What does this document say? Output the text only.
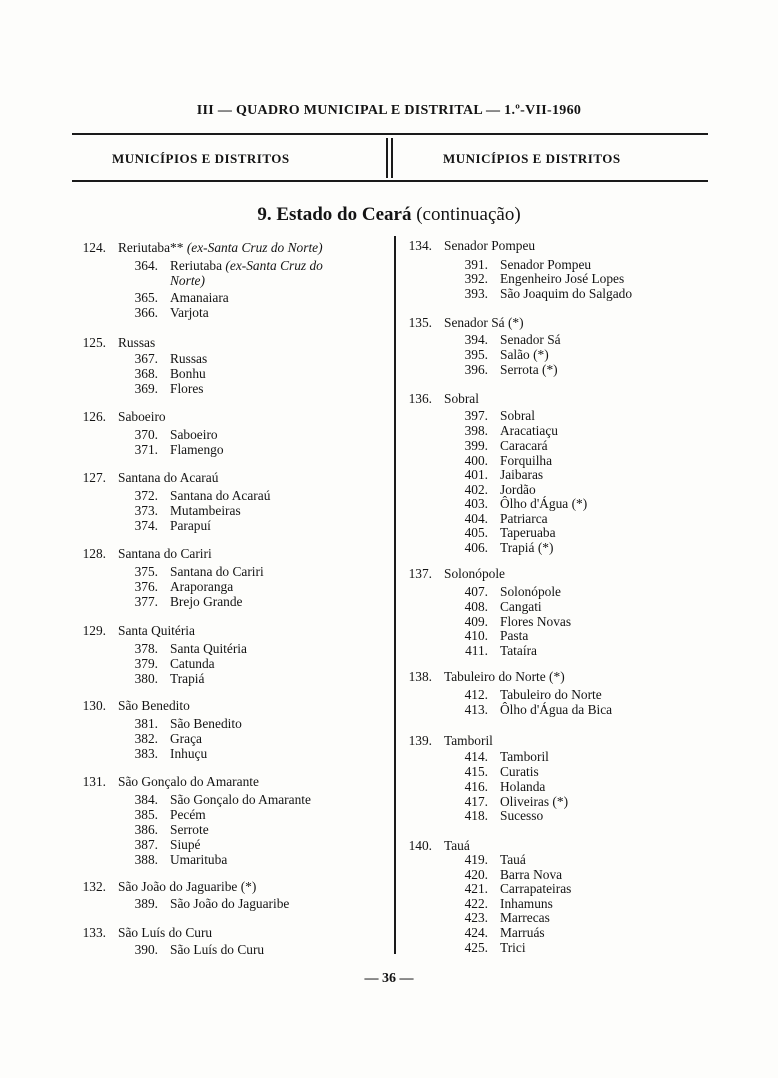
III — QUADRO MUNICIPAL E DISTRITAL — 1.º-VII-1960
MUNICÍPIOS E DISTRITOS	MUNICÍPIOS E DISTRITOS
9. Estado do Ceará (continuação)
124. Reriutaba** (ex-Santa Cruz do Norte)
364. Reriutaba (ex-Santa Cruz do
Norte)
365. Amanaiara
366. Varjota
125. Russas
367. Russas
368. Bonhu
369. Flores
126. Saboeiro
370. Saboeiro
371. Flamengo
127. Santana do Acaraú
372. Santana do Acaraú
373. Mutambeiras
374. Parapuí
128. Santana do Cariri
375. Santana do Cariri
376. Araporanga
377. Brejo Grande
129. Santa Quitéria
378. Santa Quitéria
379. Catunda
380. Trapiá
130. São Benedito
381. São Benedito
382. Graça
383. Inhuçu
131. São Gonçalo do Amarante
384. São Gonçalo do Amarante
385. Pecém
386. Serrote
387. Siupé
388. Umarituba
132. São João do Jaguaribe (*)
389. São João do Jaguaribe
133. São Luís do Curu
390. São Luís do Curu
134. Senador Pompeu
391. Senador Pompeu
392. Engenheiro José Lopes
393. São Joaquim do Salgado
135. Senador Sá (*)
394. Senador Sá
395. Salão (*)
396. Serrota (*)
136. Sobral
397. Sobral
398. Aracatiaçu
399. Caracará
400. Forquilha
401. Jaibaras
402. Jordão
403. Ôlho d'Água (*)
404. Patriarca
405. Taperuaba
406. Trapiá (*)
137. Solonópole
407. Solonópole
408. Cangati
409. Flores Novas
410. Pasta
411. Tataíra
138. Tabuleiro do Norte (*)
412. Tabuleiro do Norte
413. Ôlho d'Água da Bica
139. Tamboril
414. Tamboril
415. Curatis
416. Holanda
417. Oliveiras (*)
418. Sucesso
140. Tauá
419. Tauá
420. Barra Nova
421. Carrapateiras
422. Inhamuns
423. Marrecas
424. Marruás
425. Trici
— 36 —
